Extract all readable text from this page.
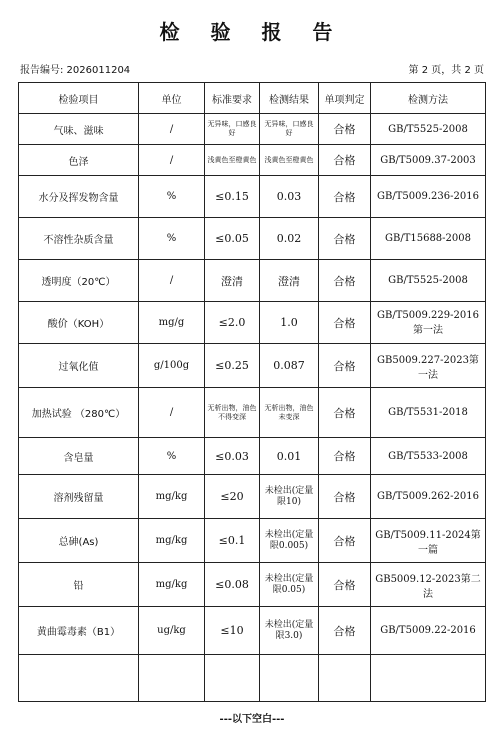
检 验 报 告
报告编号: 2026011204	第 2 页，共 2 页
检验项目	单位	标准要求	检测结果	单项判定	检测方法
气味、滋味	/	无异味，口感良好	无异味，口感良好	合格	GB/T5525-2008
色泽	/	浅黄色至橙黄色	浅黄色至橙黄色	合格	GB/T5009.37-2003
水分及挥发物含量	%	≤0.15	0.03	合格	GB/T5009.236-2016
不溶性杂质含量	%	≤0.05	0.02	合格	GB/T15688-2008
透明度（20℃）	/	澄清	澄清	合格	GB/T5525-2008
酸价（KOH）	mg/g	≤2.0	1.0	合格	GB/T5009.229-2016第一法
过氧化值	g/100g	≤0.25	0.087	合格	GB5009.227-2023第一法
加热试验 （280℃）	/	无析出物，油色不得变深	无析出物，油色未变深	合格	GB/T5531-2018
含皂量	%	≤0.03	0.01	合格	GB/T5533-2008
溶剂残留量	mg/kg	≤20	未检出(定量限10)	合格	GB/T5009.262-2016
总砷(As)	mg/kg	≤0.1	未检出(定量限0.005)	合格	GB/T5009.11-2024第一篇
铅	mg/kg	≤0.08	未检出(定量限0.05)	合格	GB5009.12-2023第二法
黄曲霉毒素（B1）	ug/kg	≤10	未检出(定量限3.0)	合格	GB/T5009.22-2016

---以下空白---
